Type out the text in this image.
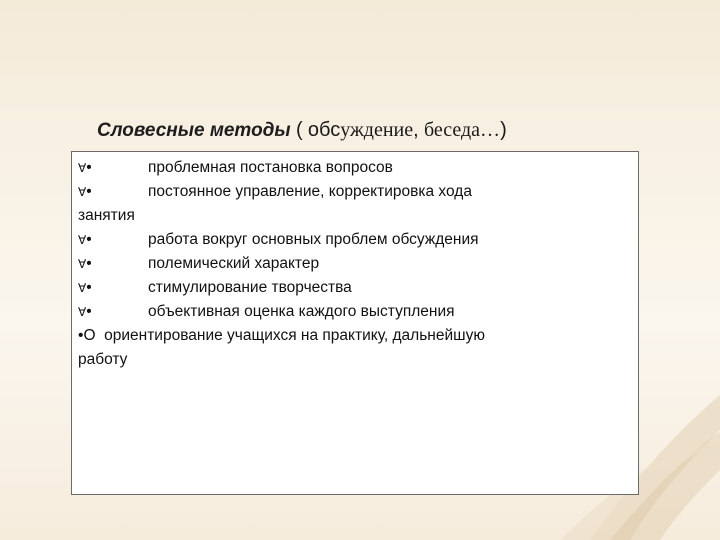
Словесные методы ( обсуждение, беседа…)
∀•	проблемная постановка вопросов
∀•	постоянное управление, корректировка хода
занятия
∀•	работа вокруг основных проблем обсуждения
∀•	полемический характер
∀•	стимулирование творчества
∀•	объективная оценка каждого выступления
•O ориентирование учащихся на практику, дальнейшую
работу
